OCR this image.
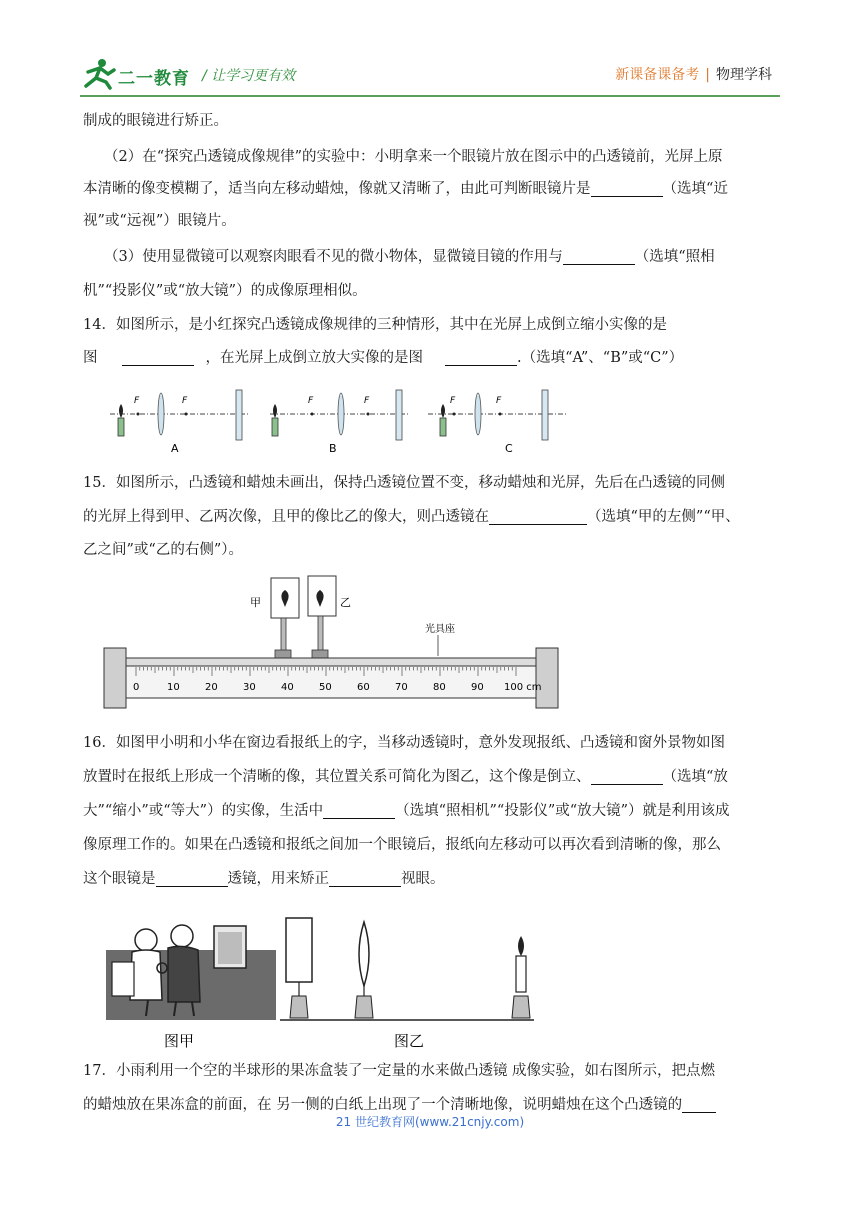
二一教育 / 让学习更有效	新课备课备考 | 物理学科
制成的眼镜进行矫正。
（2）在“探究凸透镜成像规律”的实验中：小明拿来一个眼镜片放在图示中的凸透镜前，光屏上原
本清晰的像变模糊了，适当向左移动蜡烛，像就又清晰了，由此可判断眼镜片是	（选填“近
视”或“远视”）眼镜片。
（3）使用显微镜可以观察肉眼看不见的微小物体，显微镜目镜的作用与	（选填“照相
机”“投影仪”或“放大镜”）的成像原理相似。
14．如图所示，是小红探究凸透镜成像规律的三种情形，其中在光屏上成倒立缩小实像的是
图	，在光屏上成倒立放大实像的是图	.（选填“A”、“B”或“C”）
F	F
A
F	F
B
F	F
C
15．如图所示，凸透镜和蜡烛未画出，保持凸透镜位置不变，移动蜡烛和光屏，先后在凸透镜的同侧
的光屏上得到甲、乙两次像，且甲的像比乙的像大，则凸透镜在	（选填“甲的左侧”“甲、
乙之间”或“乙的右侧”）。
甲	乙
光具座
0	10	20	30	40	50	60	70	80	90 100 cm
16．如图甲小明和小华在窗边看报纸上的字，当移动透镜时，意外发现报纸、凸透镜和窗外景物如图
放置时在报纸上形成一个清晰的像，其位置关系可简化为图乙，这个像是倒立、	（选填“放
大”“缩小”或“等大”）的实像，生活中	（选填“照相机”“投影仪”或“放大镜”）就是利用该成
像原理工作的。如果在凸透镜和报纸之间加一个眼镜后，报纸向左移动可以再次看到清晰的像，那么
这个眼镜是	透镜，用来矫正	视眼。
图甲	图乙
17．小雨利用一个空的半球形的果冻盒装了一定量的水来做凸透镜 成像实验，如右图所示，把点燃
的蜡烛放在果冻盒的前面，在 另一侧的白纸上出现了一个清晰地像，说明蜡烛在这个凸透镜的
21 世纪教育网(www.21cnjy.com)
